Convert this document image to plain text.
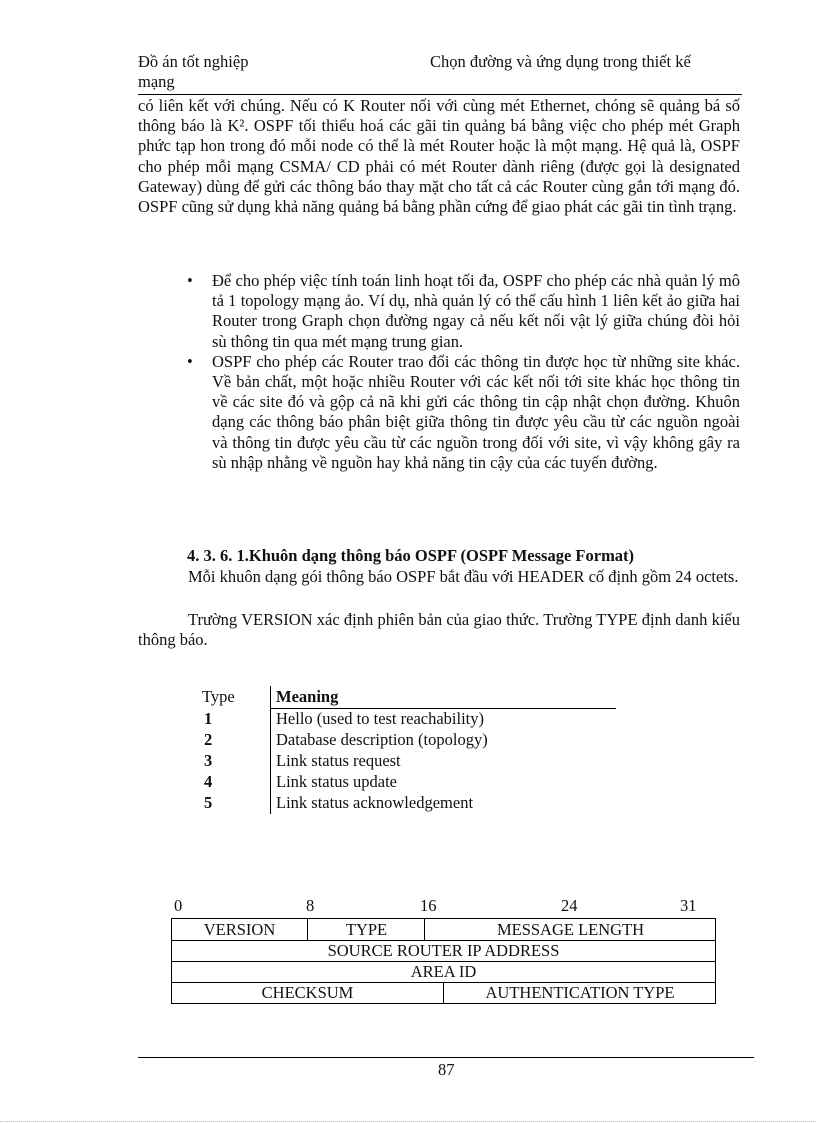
Đồ án tốt nghiệp
mạng
Chọn đường và ứng dụng trong thiết kế
có liên kết với chúng. Nếu có K Router nối với cùng mét Ethernet, chóng sẽ quảng bá số thông báo là K². OSPF tối thiểu hoá các gãi tin quảng bá bằng việc cho phép mét Graph phức tạp hon trong đó mỗi node có thể là mét Router hoặc là một mạng. Hệ quả là, OSPF cho phép mỗi mạng CSMA/ CD phải có mét Router dành riêng (được gọi là designated Gateway) dùng để gửi các thông báo thay mặt cho tất cả các Router cùng gắn tới mạng đó. OSPF cũng sử dụng khả năng quảng bá bằng phần cứng để giao phát các gãi tin tình trạng.
• Để cho phép việc tính toán linh hoạt tối đa, OSPF cho phép các nhà quản lý mô tả 1 topology mạng ảo. Ví dụ, nhà quản lý có thể cấu hình 1 liên kết ảo giữa hai Router trong Graph chọn đường ngay cả nếu kết nối vật lý giữa chúng đòi hỏi sù thông tin qua mét mạng trung gian.
• OSPF cho phép các Router trao đổi các thông tin được học từ những site khác. Về bản chất, một hoặc nhiều Router với các kết nối tới site khác học thông tin về các site đó và gộp cả nã khi gửi các thông tin cập nhật chọn đường. Khuôn dạng các thông báo phân biệt giữa thông tin được yêu cầu từ các nguồn ngoài và thông tin được yêu cầu từ các nguồn trong đối với site, vì vậy không gây ra sù nhập nhằng về nguồn hay khả năng tin cậy của các tuyến đường.
4. 3. 6. 1.Khuôn dạng thông báo OSPF (OSPF Message Format)
Mỗi khuôn dạng gói thông báo OSPF bắt đầu với HEADER cố định gồm 24 octets.
Trường VERSION xác định phiên bản của giao thức. Trường TYPE định danh kiểu thông báo.
Type Meaning
1	Hello (used to test reachability)
2	Database description (topology)
3	Link status request
4	Link status update
5	Link status acknowledgement
0	8	16	24	31
VERSION	TYPE	MESSAGE LENGTH
SOURCE ROUTER IP ADDRESS
AREA ID
CHECKSUM	AUTHENTICATION TYPE
87
